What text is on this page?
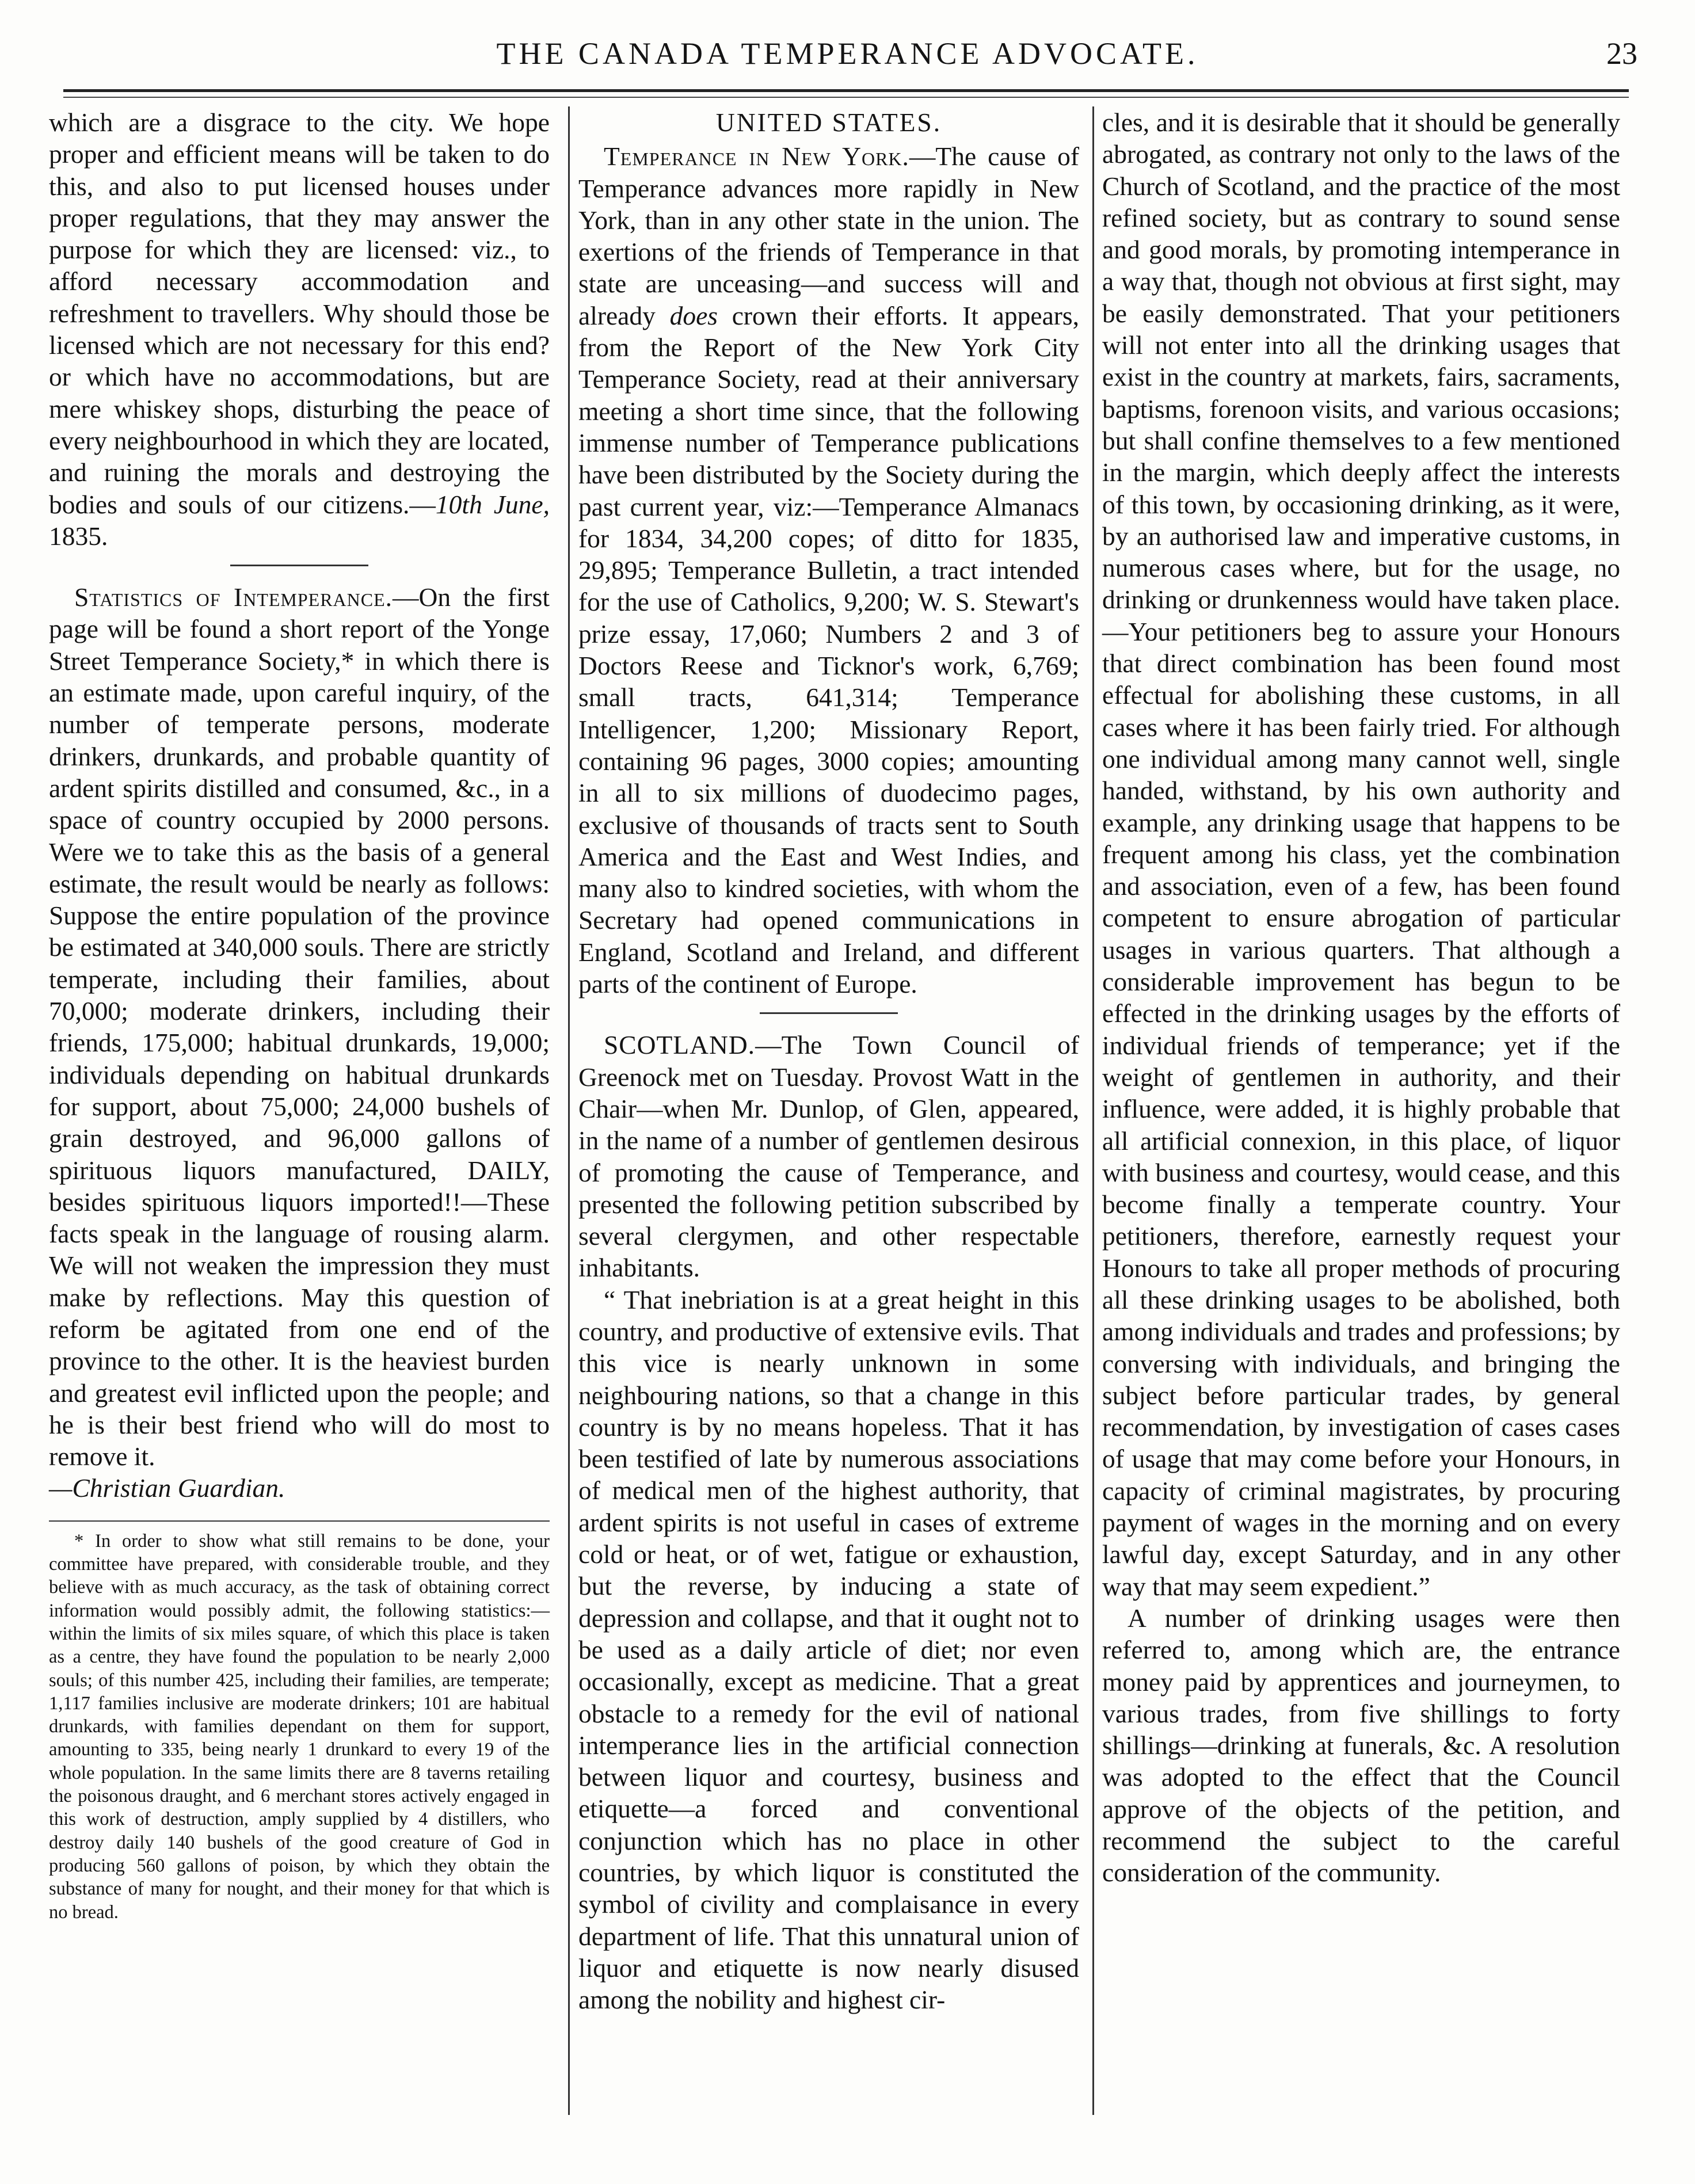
THE CANADA TEMPERANCE ADVOCATE.	23

which are a disgrace to the city. We hope proper and efficient means will be taken to do this, and also to put licensed houses under proper regulations, that they may answer the purpose for which they are licensed: viz., to afford necessary accommodation and refreshment to travellers. Why should those be licensed which are not necessary for this end? or which have no accommodations, but are mere whiskey shops, disturbing the peace of every neighbourhood in which they are located, and ruining the morals and destroying the bodies and souls of our citizens.—10th June, 1835.

Statistics of Intemperance.—On the first page will be found a short report of the Yonge Street Temperance Society,* in which there is an estimate made, upon careful inquiry, of the number of temperate persons, moderate drinkers, drunkards, and probable quantity of ardent spirits distilled and consumed, &c., in a space of country occupied by 2000 persons. Were we to take this as the basis of a general estimate, the result would be nearly as follows: Suppose the entire population of the province be estimated at 340,000 souls. There are strictly temperate, including their families, about 70,000; moderate drinkers, including their friends, 175,000; habitual drunkards, 19,000; individuals depending on habitual drunkards for support, about 75,000; 24,000 bushels of grain destroyed, and 96,000 gallons of spirituous liquors manufactured, DAILY, besides spirituous liquors imported!!—These facts speak in the language of rousing alarm. We will not weaken the impression they must make by reflections. May this question of reform be agitated from one end of the province to the other. It is the heaviest burden and greatest evil inflicted upon the people; and he is their best friend who will do most to remove it.

—Christian Guardian.

* In order to show what still remains to be done, your committee have prepared, with considerable trouble, and they believe with as much accuracy, as the task of obtaining correct information would possibly admit, the following statistics:—within the limits of six miles square, of which this place is taken as a centre, they have found the population to be nearly 2,000 souls; of this number 425, including their families, are temperate; 1,117 families inclusive are moderate drinkers; 101 are habitual drunkards, with families dependant on them for support, amounting to 335, being nearly 1 drunkard to every 19 of the whole population. In the same limits there are 8 taverns retailing the poisonous draught, and 6 merchant stores actively engaged in this work of destruction, amply supplied by 4 distillers, who destroy daily 140 bushels of the good creature of God in producing 560 gallons of poison, by which they obtain the substance of many for nought, and their money for that which is no bread.

UNITED STATES.

Temperance in New York.—The cause of Temperance advances more rapidly in New York, than in any other state in the union. The exertions of the friends of Temperance in that state are unceasing—and success will and already does crown their efforts. It appears, from the Report of the New York City Temperance Society, read at their anniversary meeting a short time since, that the following immense number of Temperance publications have been distributed by the Society during the past current year, viz:—Temperance Almanacs for 1834, 34,200 copes; of ditto for 1835, 29,895; Temperance Bulletin, a tract intended for the use of Catholics, 9,200; W. S. Stewart's prize essay, 17,060; Numbers 2 and 3 of Doctors Reese and Ticknor's work, 6,769; small tracts, 641,314; Temperance Intelligencer, 1,200; Missionary Report, containing 96 pages, 3000 copies; amounting in all to six millions of duodecimo pages, exclusive of thousands of tracts sent to South America and the East and West Indies, and many also to kindred societies, with whom the Secretary had opened communications in England, Scotland and Ireland, and different parts of the continent of Europe.

SCOTLAND.—The Town Council of Greenock met on Tuesday. Provost Watt in the Chair—when Mr. Dunlop, of Glen, appeared, in the name of a number of gentlemen desirous of promoting the cause of Temperance, and presented the following petition subscribed by several clergymen, and other respectable inhabitants.

“ That inebriation is at a great height in this country, and productive of extensive evils. That this vice is nearly unknown in some neighbouring nations, so that a change in this country is by no means hopeless. That it has been testified of late by numerous associations of medical men of the highest authority, that ardent spirits is not useful in cases of extreme cold or heat, or of wet, fatigue or exhaustion, but the reverse, by inducing a state of depression and collapse, and that it ought not to be used as a daily article of diet; nor even occasionally, except as medicine. That a great obstacle to a remedy for the evil of national intemperance lies in the artificial connection between liquor and courtesy, business and etiquette—a forced and conventional conjunction which has no place in other countries, by which liquor is constituted the symbol of civility and complaisance in every department of life. That this unnatural union of liquor and etiquette is now nearly disused among the nobility and highest cir-

cles, and it is desirable that it should be generally abrogated, as contrary not only to the laws of the Church of Scotland, and the practice of the most refined society, but as contrary to sound sense and good morals, by promoting intemperance in a way that, though not obvious at first sight, may be easily demonstrated. That your petitioners will not enter into all the drinking usages that exist in the country at markets, fairs, sacraments, baptisms, forenoon visits, and various occasions; but shall confine themselves to a few mentioned in the margin, which deeply affect the interests of this town, by occasioning drinking, as it were, by an authorised law and imperative customs, in numerous cases where, but for the usage, no drinking or drunkenness would have taken place.—Your petitioners beg to assure your Honours that direct combination has been found most effectual for abolishing these customs, in all cases where it has been fairly tried. For although one individual among many cannot well, single handed, withstand, by his own authority and example, any drinking usage that happens to be frequent among his class, yet the combination and association, even of a few, has been found competent to ensure abrogation of particular usages in various quarters. That although a considerable improvement has begun to be effected in the drinking usages by the efforts of individual friends of temperance; yet if the weight of gentlemen in authority, and their influence, were added, it is highly probable that all artificial connexion, in this place, of liquor with business and courtesy, would cease, and this become finally a temperate country. Your petitioners, therefore, earnestly request your Honours to take all proper methods of procuring all these drinking usages to be abolished, both among individuals and trades and professions; by conversing with individuals, and bringing the subject before particular trades, by general recommendation, by investigation of cases cases of usage that may come before your Honours, in capacity of criminal magistrates, by procuring payment of wages in the morning and on every lawful day, except Saturday, and in any other way that may seem expedient.”

A number of drinking usages were then referred to, among which are, the entrance money paid by apprentices and journeymen, to various trades, from five shillings to forty shillings—drinking at funerals, &c. A resolution was adopted to the effect that the Council approve of the objects of the petition, and recommend the subject to the careful consideration of the community.
